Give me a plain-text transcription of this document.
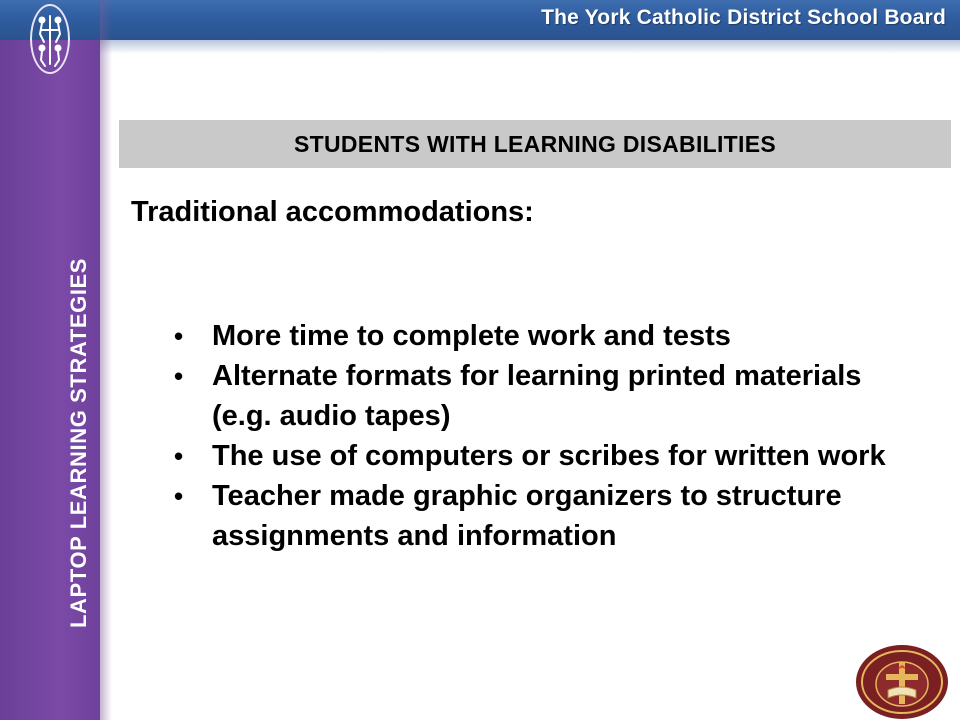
The York Catholic District School Board
LAPTOP LEARNING STRATEGIES
STUDENTS WITH LEARNING DISABILITIES
Traditional accommodations:
• More time to complete work and tests
• Alternate formats for learning printed materials (e.g. audio tapes)
• The use of computers or scribes for written work
• Teacher made graphic organizers to structure assignments and information
